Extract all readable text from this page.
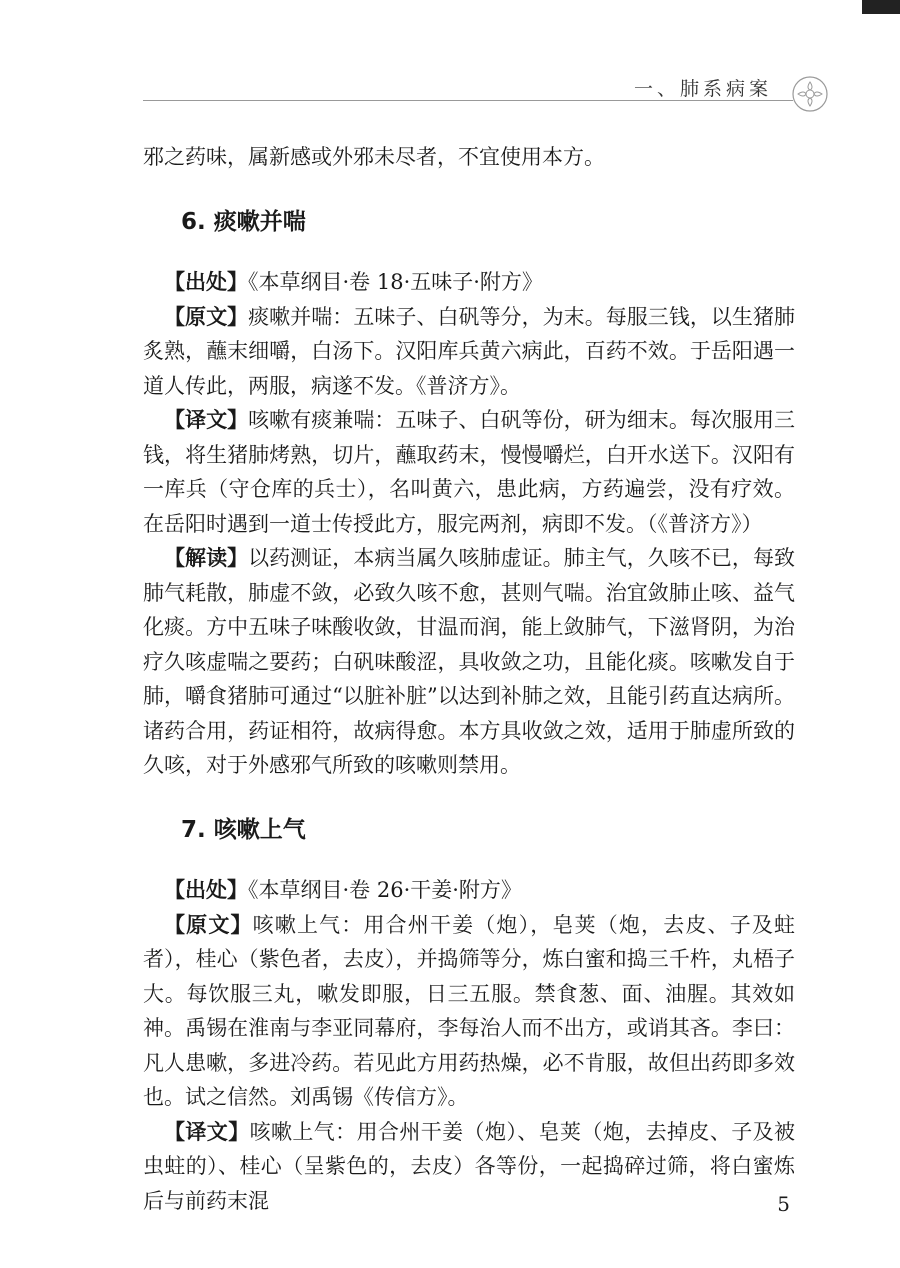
一、肺系病案

邪之药味，属新感或外邪未尽者，不宜使用本方。

6. 痰嗽并喘

【出处】《本草纲目·卷 18·五味子·附方》

【原文】痰嗽并喘：五味子、白矾等分，为末。每服三钱，以生猪肺炙熟，蘸末细嚼，白汤下。汉阳库兵黄六病此，百药不效。于岳阳遇一道人传此，两服，病遂不发。《普济方》。

【译文】咳嗽有痰兼喘：五味子、白矾等份，研为细末。每次服用三钱，将生猪肺烤熟，切片，蘸取药末，慢慢嚼烂，白开水送下。汉阳有一库兵（守仓库的兵士），名叫黄六，患此病，方药遍尝，没有疗效。在岳阳时遇到一道士传授此方，服完两剂，病即不发。（《普济方》）

【解读】以药测证，本病当属久咳肺虚证。肺主气，久咳不已，每致肺气耗散，肺虚不敛，必致久咳不愈，甚则气喘。治宜敛肺止咳、益气化痰。方中五味子味酸收敛，甘温而润，能上敛肺气，下滋肾阴，为治疗久咳虚喘之要药；白矾味酸涩，具收敛之功，且能化痰。咳嗽发自于肺，嚼食猪肺可通过“以脏补脏”以达到补肺之效，且能引药直达病所。诸药合用，药证相符，故病得愈。本方具收敛之效，适用于肺虚所致的久咳，对于外感邪气所致的咳嗽则禁用。

7. 咳嗽上气

【出处】《本草纲目·卷 26·干姜·附方》

【原文】咳嗽上气：用合州干姜（炮），皂荚（炮，去皮、子及蛀者），桂心（紫色者，去皮），并捣筛等分，炼白蜜和捣三千杵，丸梧子大。每饮服三丸，嗽发即服，日三五服。禁食葱、面、油腥。其效如神。禹锡在淮南与李亚同幕府，李每治人而不出方，或诮其吝。李曰：凡人患嗽，多进冷药。若见此方用药热燥，必不肯服，故但出药即多效也。试之信然。刘禹锡《传信方》。

【译文】咳嗽上气：用合州干姜（炮）、皂荚（炮，去掉皮、子及被虫蛀的）、桂心（呈紫色的，去皮）各等份，一起捣碎过筛，将白蜜炼后与前药末混	5
